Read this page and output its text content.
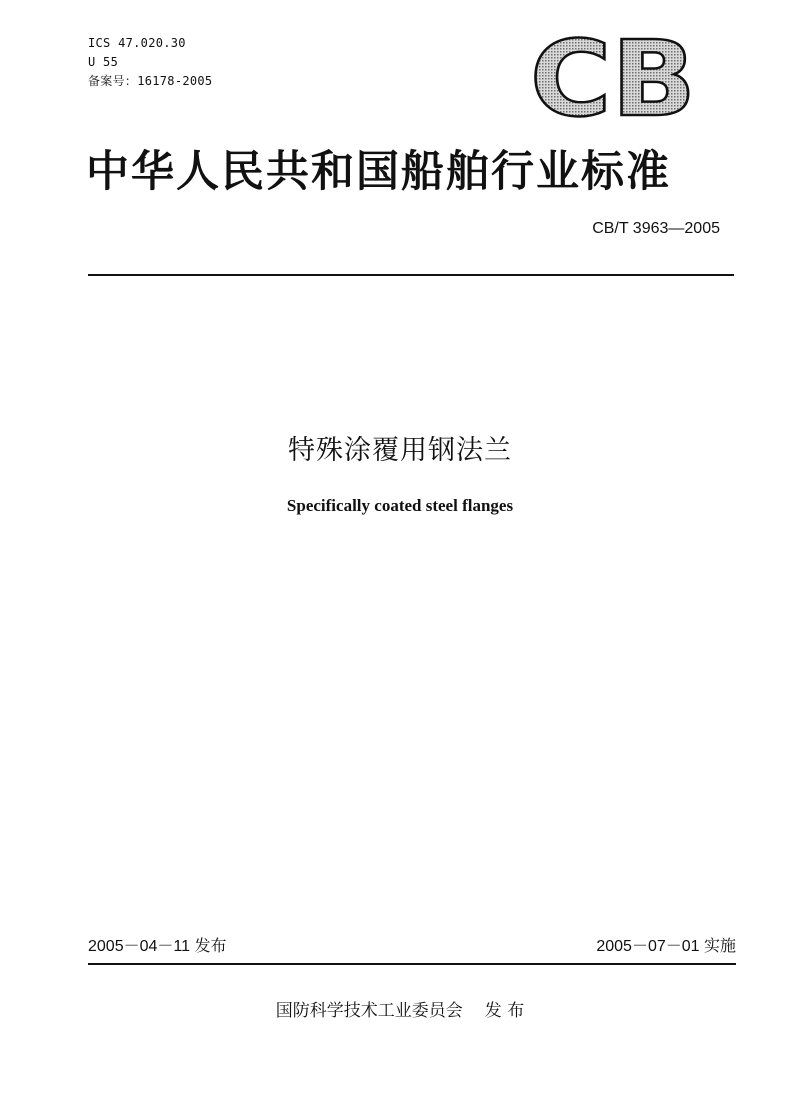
ICS 47.020.30
U 55
备案号：16178-2005	CB
中华人民共和国船舶行业标准
CB/T 3963—2005
特殊涂覆用钢法兰
Specifically coated steel flanges
2005－04－11 发布	2005－07－01 实施
国防科学技术工业委员会 发 布
